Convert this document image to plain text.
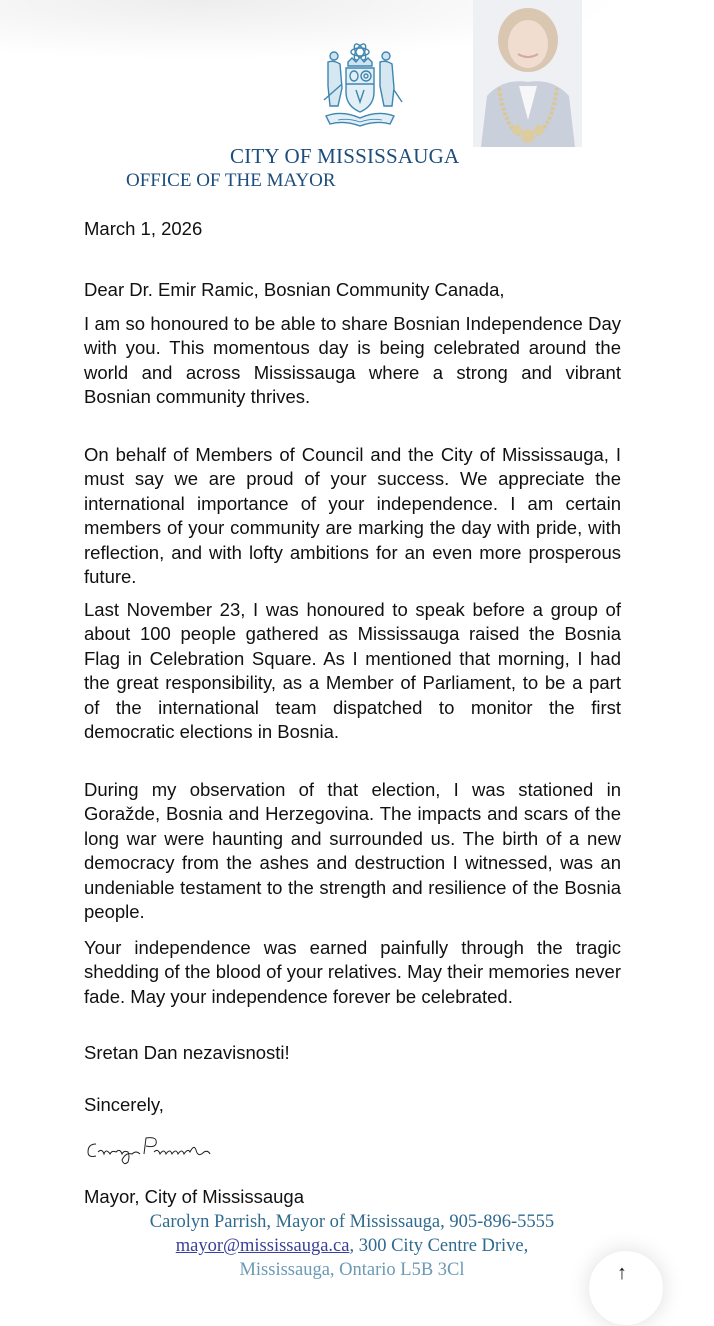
CITY OF MISSISSAUGA
OFFICE OF THE MAYOR
March 1, 2026
Dear Dr. Emir Ramic, Bosnian Community Canada,
I am so honoured to be able to share Bosnian Independence Day with you. This momentous day is being celebrated around the world and across Mississauga where a strong and vibrant Bosnian community thrives.
On behalf of Members of Council and the City of Mississauga, I must say we are proud of your success. We appreciate the international importance of your independence. I am certain members of your community are marking the day with pride, with reflection, and with lofty ambitions for an even more prosperous future.
Last November 23, I was honoured to speak before a group of about 100 people gathered as Mississauga raised the Bosnia Flag in Celebration Square. As I mentioned that morning, I had the great responsibility, as a Member of Parliament, to be a part of the international team dispatched to monitor the first democratic elections in Bosnia.
During my observation of that election, I was stationed in Goražde, Bosnia and Herzegovina. The impacts and scars of the long war were haunting and surrounded us. The birth of a new democracy from the ashes and destruction I witnessed, was an undeniable testament to the strength and resilience of the Bosnia people.
Your independence was earned painfully through the tragic shedding of the blood of your relatives. May their memories never fade. May your independence forever be celebrated.
Sretan Dan nezavisnosti!
Sincerely,
Mayor, City of Mississauga
Carolyn Parrish, Mayor of Mississauga, 905-896-5555
mayor@mississauga.ca, 300 City Centre Drive,
Mississauga, Ontario L5B 3Cl	↑
